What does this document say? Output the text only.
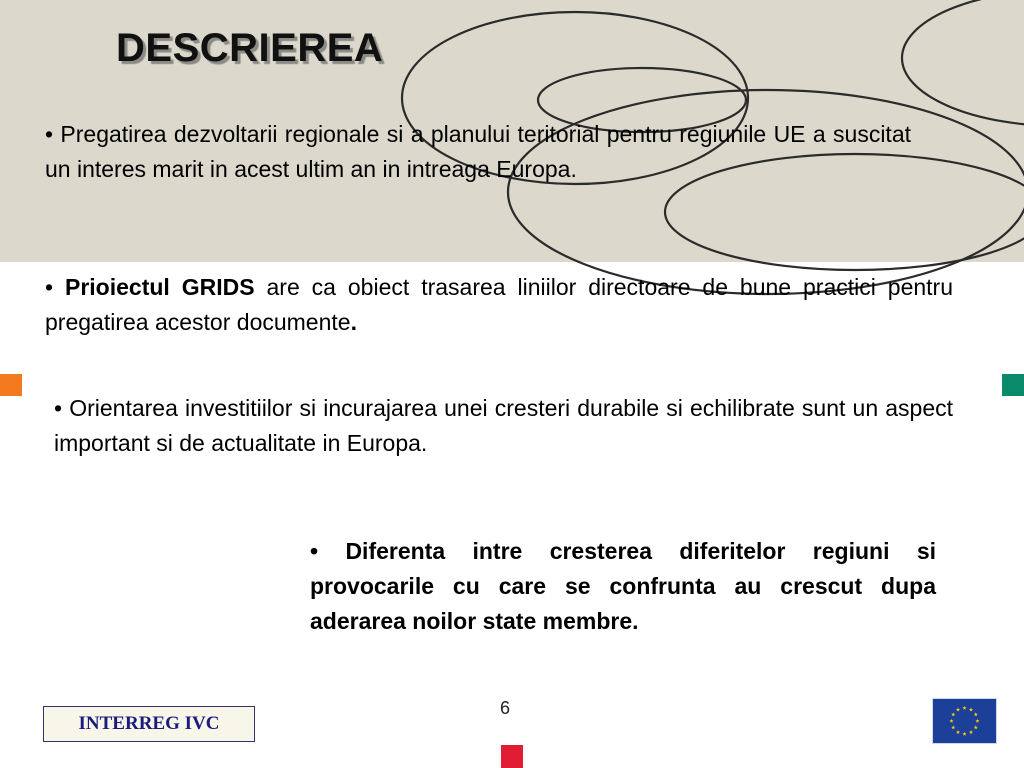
DESCRIEREA
• Pregatirea dezvoltarii regionale si a planului teritorial pentru regiunile UE a suscitat un interes marit in acest ultim an in intreaga Europa.
• Prioiectul GRIDS are ca obiect trasarea liniilor directoare de bune practici pentru pregatirea acestor documente.
• Orientarea investitiilor si incurajarea unei cresteri durabile si echilibrate sunt un aspect important si de actualitate in Europa.
• Diferenta intre cresterea diferitelor regiuni si provocarile cu care se confrunta au crescut dupa aderarea noilor state membre.
6
INTERREG IVC
